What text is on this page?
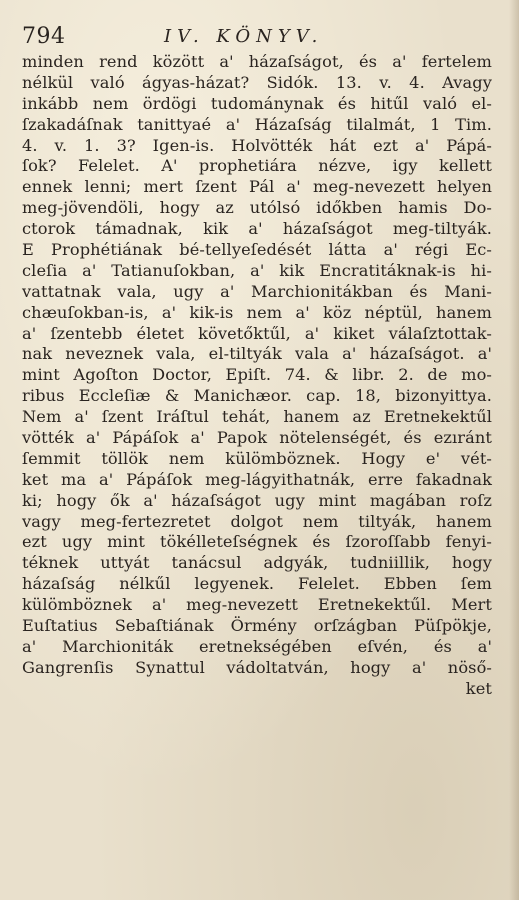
794	IV. KÖNYV.
minden rend között a' házaſságot, és a' fertelem
nélkül való ágyas-házat? Sidók. 13. v. 4. Avagy
inkább nem ördögi tudománynak és hitűl való el-
ſzakadáſnak tanittyaé a' Házaſság tilalmát, 1 Tim.
4. v. 1. 3? Igen-is. Holvötték hát ezt a' Pápá-
ſok? Felelet. A' prophetiára nézve, igy kellett
ennek lenni; mert ſzent Pál a' meg-nevezett helyen
meg-jövendöli, hogy az utólsó időkben hamis Do-
ctorok támadnak, kik a' házaſságot meg-tiltyák.
E Prophétiának bé-tellyeſedését látta a' régi Ec-
cleſia a' Tatianuſokban, a' kik Encratitáknak-is hi-
vattatnak vala, ugy a' Marchionitákban és Mani-
chæuſokban-is, a' kik-is nem a' köz néptül, hanem
a' ſzentebb életet követőktűl, a' kiket válaſztottak-
nak neveznek vala, el-tiltyák vala a' házaſságot. a'
mint Agoſton Doctor, Epiſt. 74. & libr. 2. de mo-
ribus Eccleſiæ & Manichæor. cap. 18, bizonyittya.
Nem a' ſzent Iráſtul tehát, hanem az Eretnekektűl
vötték a' Pápáſok a' Papok nötelenségét, és ezıránt
ſemmit töllök nem külömböznek. Hogy e' vét-
ket ma a' Pápáſok meg-lágyithatnák, erre fakadnak
ki; hogy ők a' házaſságot ugy mint magában roſz
vagy meg-fertezretet dolgot nem tiltyák, hanem
ezt ugy mint tökélleteſségnek és ſzoroſſabb fenyi-
téknek uttyát tanácsul adgyák, tudniillik, hogy
házaſság nélkűl legyenek. Felelet. Ebben ſem
külömböznek a' meg-nevezett Eretnekektűl. Mert
Euſtatius Sebaſtiának Örmény orſzágban Püſpökje,
a' Marchioniták eretnekségében eſvén, és a'
Gangrenſis Synattul vádoltatván, hogy a' nöső-
ket
